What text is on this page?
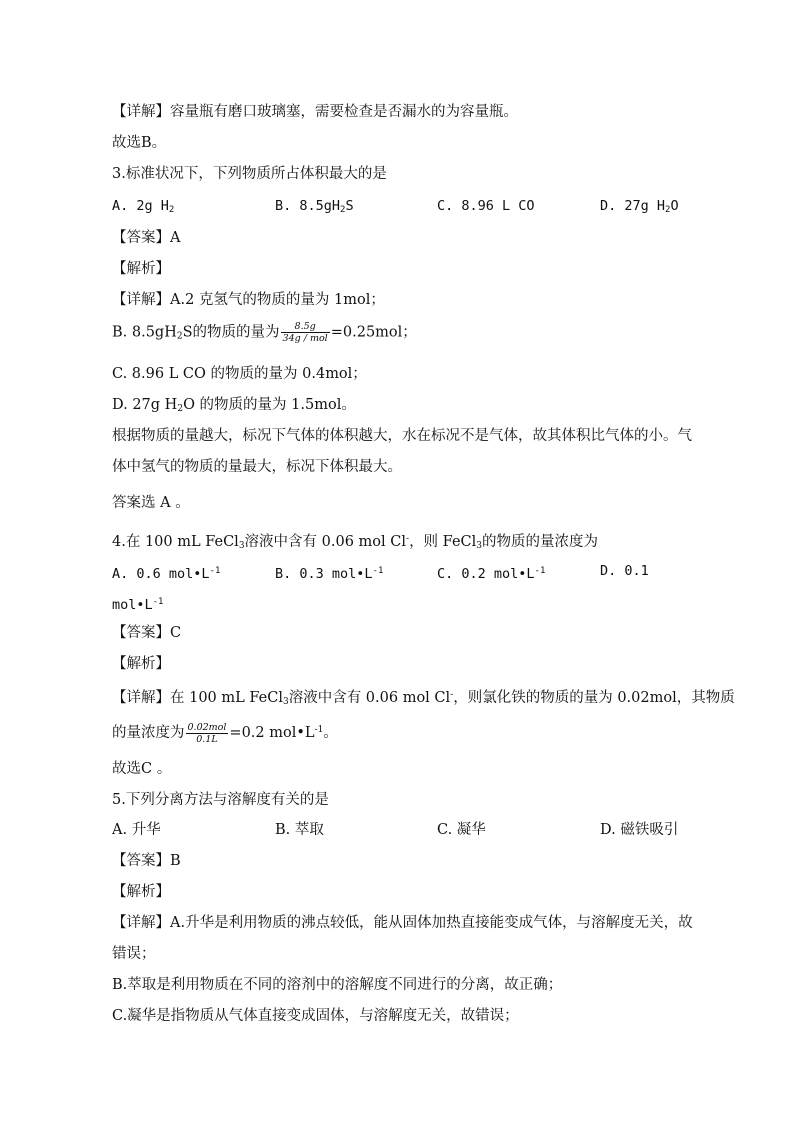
【详解】容量瓶有磨口玻璃塞，需要检查是否漏水的为容量瓶。
故选B。
3.标准状况下，下列物质所占体积最大的是
A. 2g $H_2$	B. $8.5gH_2S$	C. 8.96 L CO	D. 27g $H_2O$
【答案】A
【解析】
【详解】A.2 克氢气的物质的量为 1mol；
B. $8.5gH_2S$的物质的量为 $\frac{8.5g}{\text{34g / mol}} =0.25mol$；
C. 8.96 L CO 的物质的量为 0.4mol；
D. 27g $H_2O$ 的物质的量为 1.5mol。
根据物质的量越大，标况下气体的体积越大，水在标况不是气体，故其体积比气体的小。气
体中氢气的物质的量最大，标况下体积最大。
答案选 A 。
4.在 100 mL FeCl$_3$溶液中含有 0.06 mol Cl-，则 FeCl$_3$的物质的量浓度为
A. 0.6 $mol•L^{-1}$	B. 0.3 $mol•L^{-1}$	C. 0.2 $mol•L^{-1}$	D. 0.1
$mol•L^{-1}$
【答案】C
【解析】
【详解】在 100 mL FeCl$_3$溶液中含有 0.06 mol Cl-，则氯化铁的物质的量为 0.02mol，其物质
的量浓度为 $\frac{\text{0.02mol}}{0.1L} =0.2$ $mol•L^{-1}$。
故选C 。
5.下列分离方法与溶解度有关的是
A. 升华	B. 萃取	C. 凝华	D. 磁铁吸引
【答案】B
【解析】
【详解】A.升华是利用物质的沸点较低，能从固体加热直接能变成气体，与溶解度无关，故
错误；
B.萃取是利用物质在不同的溶剂中的溶解度不同进行的分离，故正确；
C.凝华是指物质从气体直接变成固体，与溶解度无关，故错误；
